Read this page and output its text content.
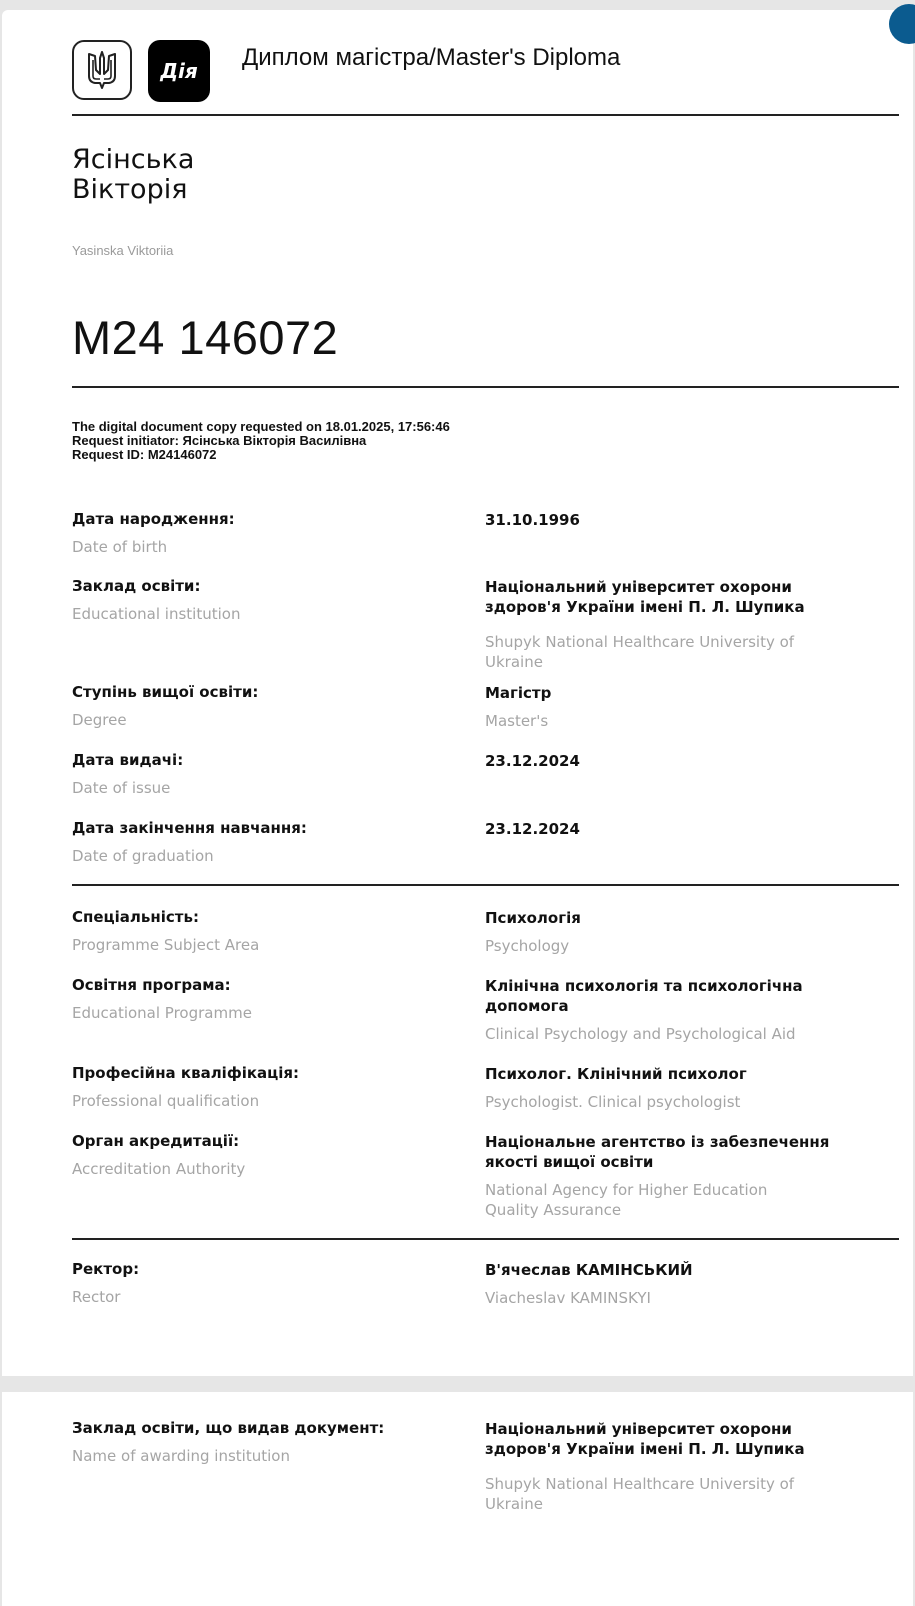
Дія Диплом магістра/Master's Diploma
Ясінська
Вікторія
Yasinska Viktoriia
M24 146072
The digital document copy requested on 18.01.2025, 17:56:46
Request initiator: Ясінська Вікторія Василівна
Request ID: M24146072
Дата народження:
Date of birth
31.10.1996
Заклад освіти:
Educational institution
Національний університет охорони
здоров'я України імені П. Л. Шупика
Shupyk National Healthcare University of
Ukraine
Ступінь вищої освіти:
Degree
Магістр
Master's
Дата видачі:
Date of issue
23.12.2024
Дата закінчення навчання:
Date of graduation
23.12.2024
Спеціальність:
Programme Subject Area
Психологія
Psychology
Освітня програма:
Educational Programme
Клінічна психологія та психологічна
допомога
Clinical Psychology and Psychological Aid
Професійна кваліфікація:
Professional qualification
Психолог. Клінічний психолог
Psychologist. Clinical psychologist
Орган акредитації:
Accreditation Authority
Національне агентство із забезпечення
якості вищої освіти
National Agency for Higher Education
Quality Assurance
Ректор:
Rector
В'ячеслав КАМІНСЬКИЙ
Viacheslav KAMINSKYI
Заклад освіти, що видав документ:
Name of awarding institution
Національний університет охорони
здоров'я України імені П. Л. Шупика
Shupyk National Healthcare University of
Ukraine
